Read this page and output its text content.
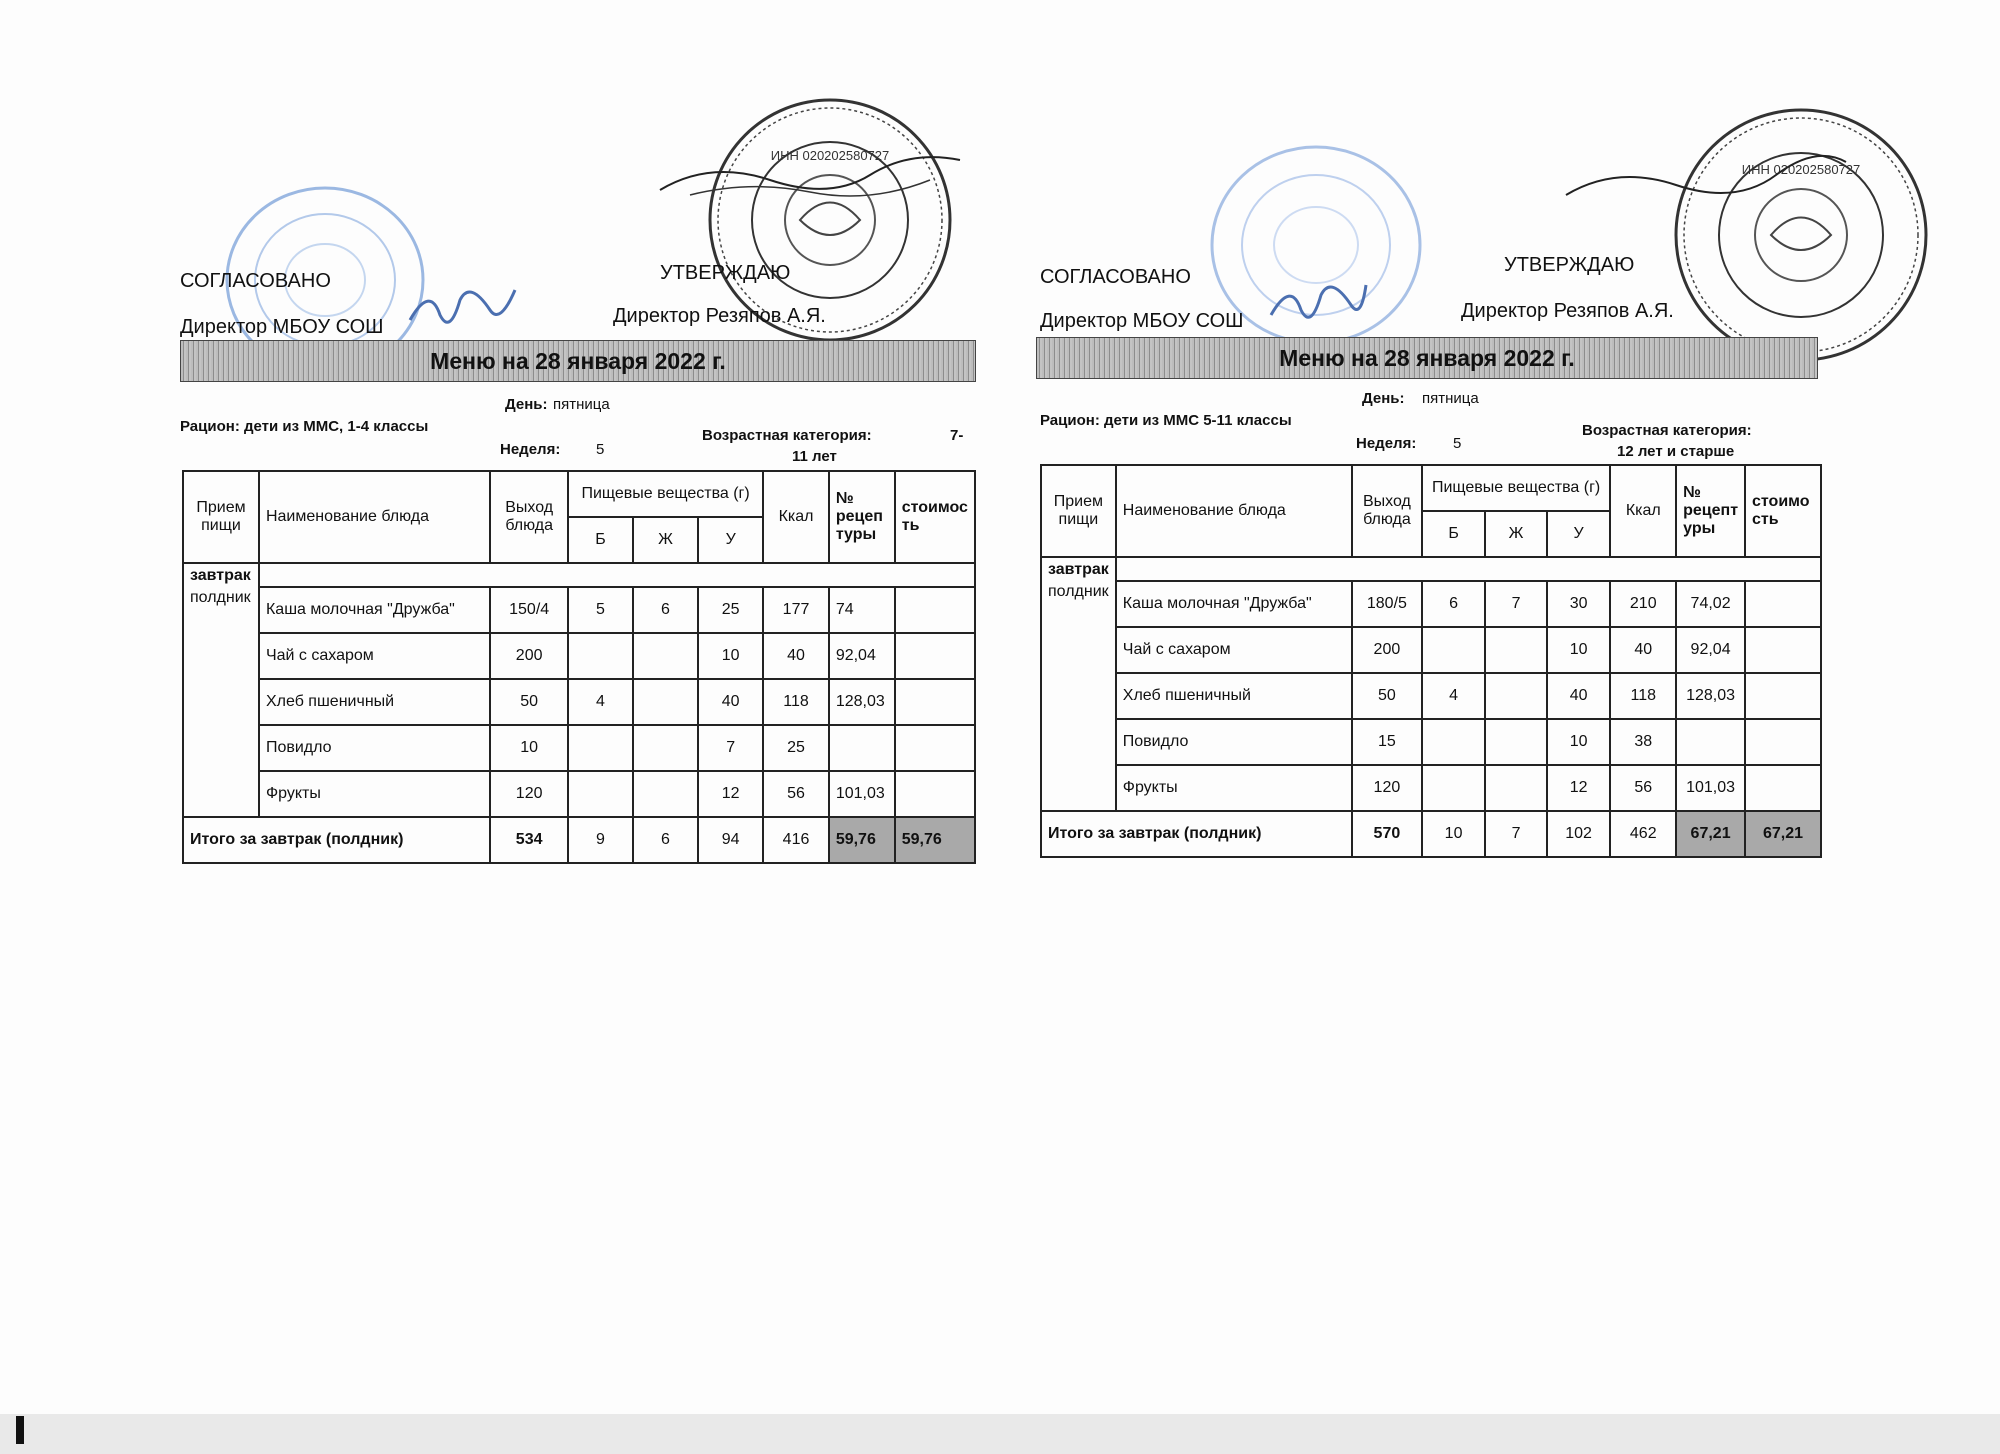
ИНН 020202580727
СОГЛАСОВАНО
Директор МБОУ СОШ
УТВЕРЖДАЮ
Директор Резяпов А.Я.
Меню на 28 января 2022 г.
День: пятница
Рацион: дети из ММС, 1-4 классы
Неделя: 5
Возрастная категория:	7-
11 лет
Прием пищи	Наименование блюда	Выход блюда	Пищевые вещества (г)			Ккал	№ рецеп туры	стоимос ть
			Б	Ж	У			
завтрак								
полдник	Каша молочная "Дружба"	150/4	5	6	25	177	74	
	Чай с сахаром	200			10	40	92,04	
	Хлеб пшеничный	50	4		40	118	128,03	
	Повидло	10			7	25		
	Фрукты	120			12	56	101,03	
Итого за завтрак (полдник)		534	9	6	94	416	59,76	59,76
ИНН 020202580727
СОГЛАСОВАНО
Директор МБОУ СОШ
УТВЕРЖДАЮ
Директор Резяпов А.Я.
Меню на 28 января 2022 г.
День: пятница
Рацион: дети из ММС 5-11 классы
Неделя: 5
Возрастная категория:
12 лет и старше
Прием пищи	Наименование блюда	Выход блюда	Пищевые вещества (г)			Ккал	№ рецепт уры	стоимо сть
			Б	Ж	У			
завтрак								
полдник	Каша молочная "Дружба"	180/5	6	7	30	210	74,02	
	Чай с сахаром	200			10	40	92,04	
	Хлеб пшеничный	50	4		40	118	128,03	
	Повидло	15			10	38		
	Фрукты	120			12	56	101,03	
Итого за завтрак (полдник)		570	10	7	102	462	67,21	67,21
